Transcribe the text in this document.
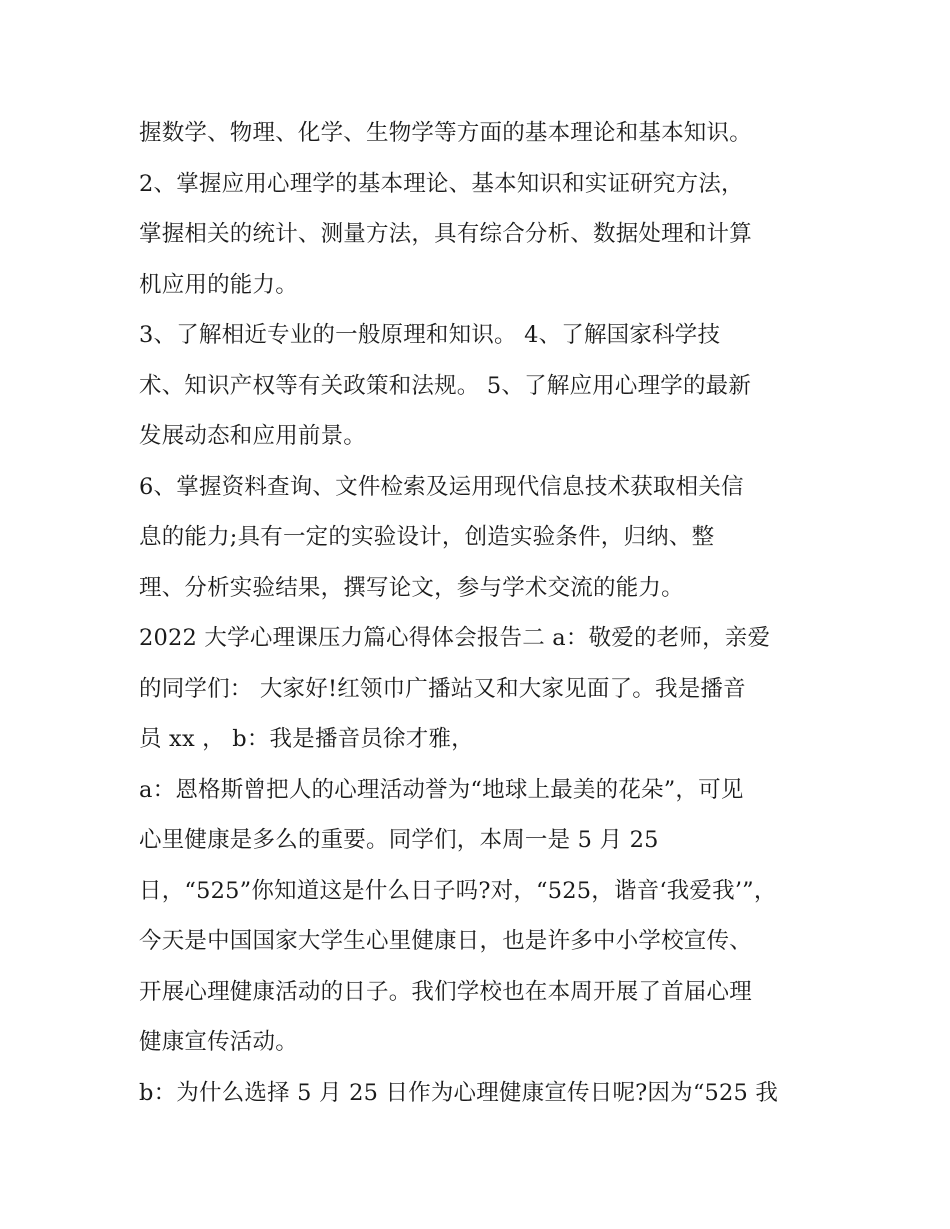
握数学、物理、化学、生物学等方面的基本理论和基本知识。
2、掌握应用心理学的基本理论、基本知识和实证研究方法，
掌握相关的统计、测量方法，具有综合分析、数据处理和计算
机应用的能力。
3、了解相近专业的一般原理和知识。 4、了解国家科学技
术、知识产权等有关政策和法规。 5、了解应用心理学的最新
发展动态和应用前景。
6、掌握资料查询、文件检索及运用现代信息技术获取相关信
息的能力;具有一定的实验设计，创造实验条件，归纳、整
理、分析实验结果，撰写论文，参与学术交流的能力。
2022 大学心理课压力篇心得体会报告二 a：敬爱的老师，亲爱
的同学们： 大家好!红领巾广播站又和大家见面了。我是播音
员 xx ， b：我是播音员徐才雅，
a：恩格斯曾把人的心理活动誉为“地球上最美的花朵”，可见
心里健康是多么的重要。同学们，本周一是 5 月 25
日，“525”你知道这是什么日子吗?对，“525，谐音‘我爱我’”，
今天是中国国家大学生心里健康日，也是许多中小学校宣传、
开展心理健康活动的日子。我们学校也在本周开展了首届心理
健康宣传活动。
b：为什么选择 5 月 25 日作为心理健康宣传日呢?因为“525 我
